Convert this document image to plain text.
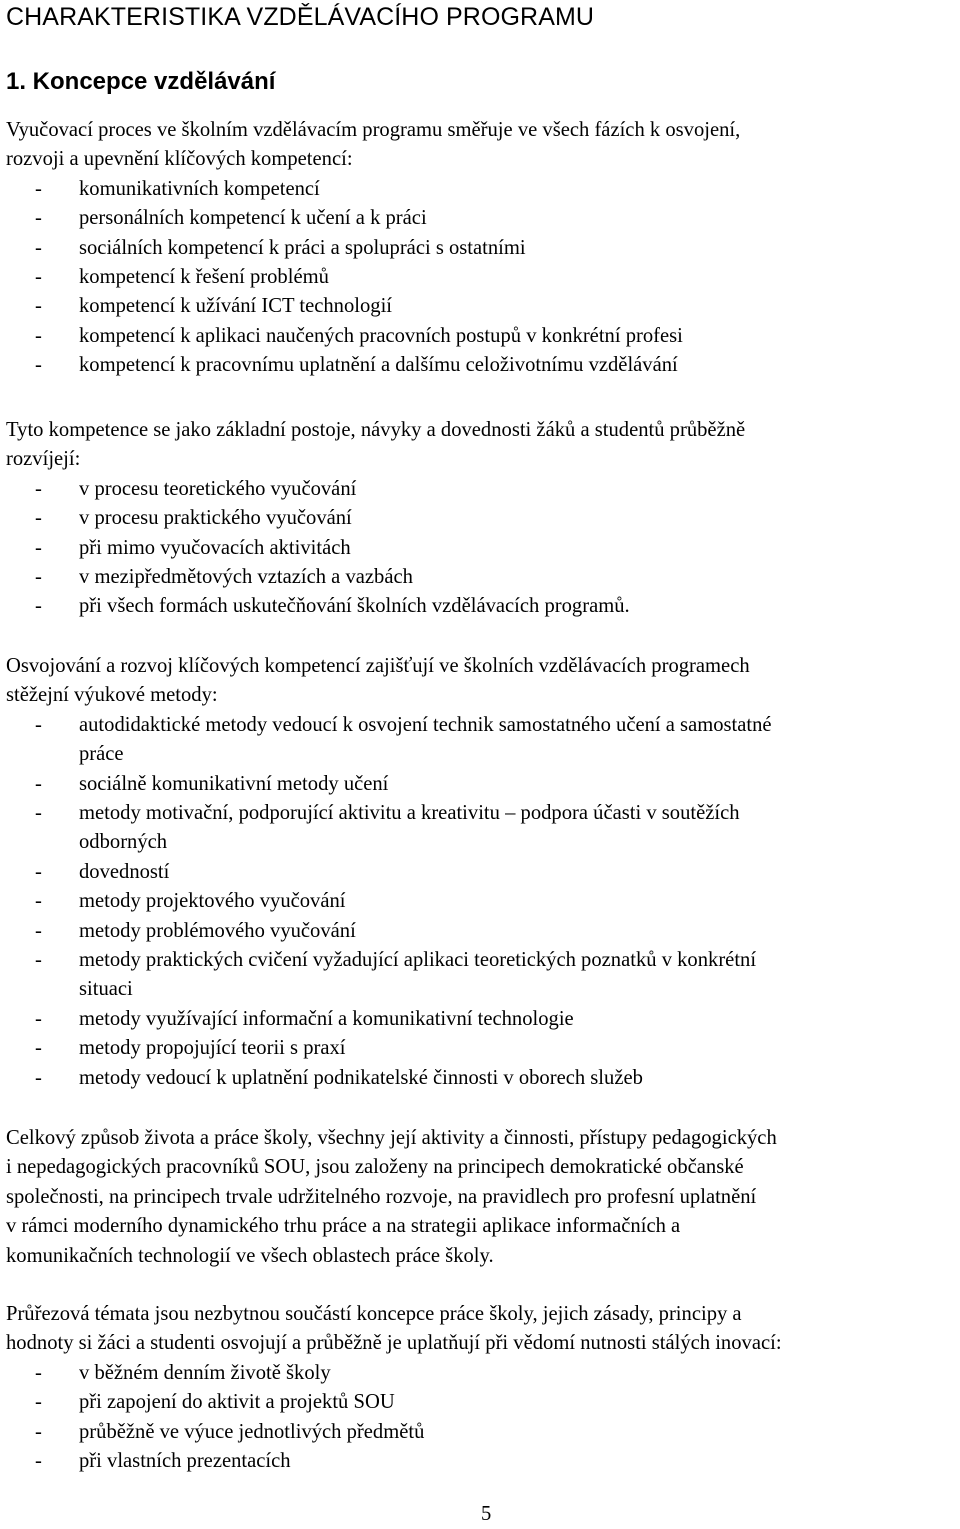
CHARAKTERISTIKA VZDĚLÁVACÍHO PROGRAMU
1. Koncepce vzdělávání

Vyučovací proces ve školním vzdělávacím programu směřuje ve všech fázích k osvojení,

rozvoji a upevnění klíčových kompetencí:

- komunikativních kompetencí
- personálních kompetencí k učení a k práci
- sociálních kompetencí k práci a spolupráci s ostatními
- kompetencí k řešení problémů
- kompetencí k užívání ICT technologií
- kompetencí k aplikaci naučených pracovních postupů v konkrétní profesi
- kompetencí k pracovnímu uplatnění a dalšímu celoživotnímu vzdělávání

Tyto kompetence se jako základní postoje, návyky a dovednosti žáků a studentů průběžně

rozvíjejí:

- v procesu teoretického vyučování
- v procesu praktického vyučování
- při mimo vyučovacích aktivitách
- v mezipředmětových vztazích a vazbách
- při všech formách uskutečňování školních vzdělávacích programů.

Osvojování a rozvoj klíčových kompetencí zajišťují ve školních vzdělávacích programech

stěžejní výukové metody:

- autodidaktické metody vedoucí k osvojení technik samostatného učení a samostatné
práce
- sociálně komunikativní metody učení
- metody motivační, podporující aktivitu a kreativitu – podpora účasti v soutěžích
odborných
- dovedností
- metody projektového vyučování
- metody problémového vyučování
- metody praktických cvičení vyžadující aplikaci teoretických poznatků v konkrétní
situaci
- metody využívající informační a komunikativní technologie
- metody propojující teorii s praxí
- metody vedoucí k uplatnění podnikatelské činnosti v oborech služeb

Celkový způsob života a práce školy, všechny její aktivity a činnosti, přístupy pedagogických

i nepedagogických pracovníků SOU, jsou založeny na principech demokratické občanské

společnosti, na principech trvale udržitelného rozvoje, na pravidlech pro profesní uplatnění

v rámci moderního dynamického trhu práce a na strategii aplikace informačních a

komunikačních technologií ve všech oblastech práce školy.

Průřezová témata jsou nezbytnou součástí koncepce práce školy, jejich zásady, principy a

hodnoty si žáci a studenti osvojují a průběžně je uplatňují při vědomí nutnosti stálých inovací:

- v běžném denním životě školy
- při zapojení do aktivit a projektů SOU
- průběžně ve výuce jednotlivých předmětů
- při vlastních prezentacích
5
